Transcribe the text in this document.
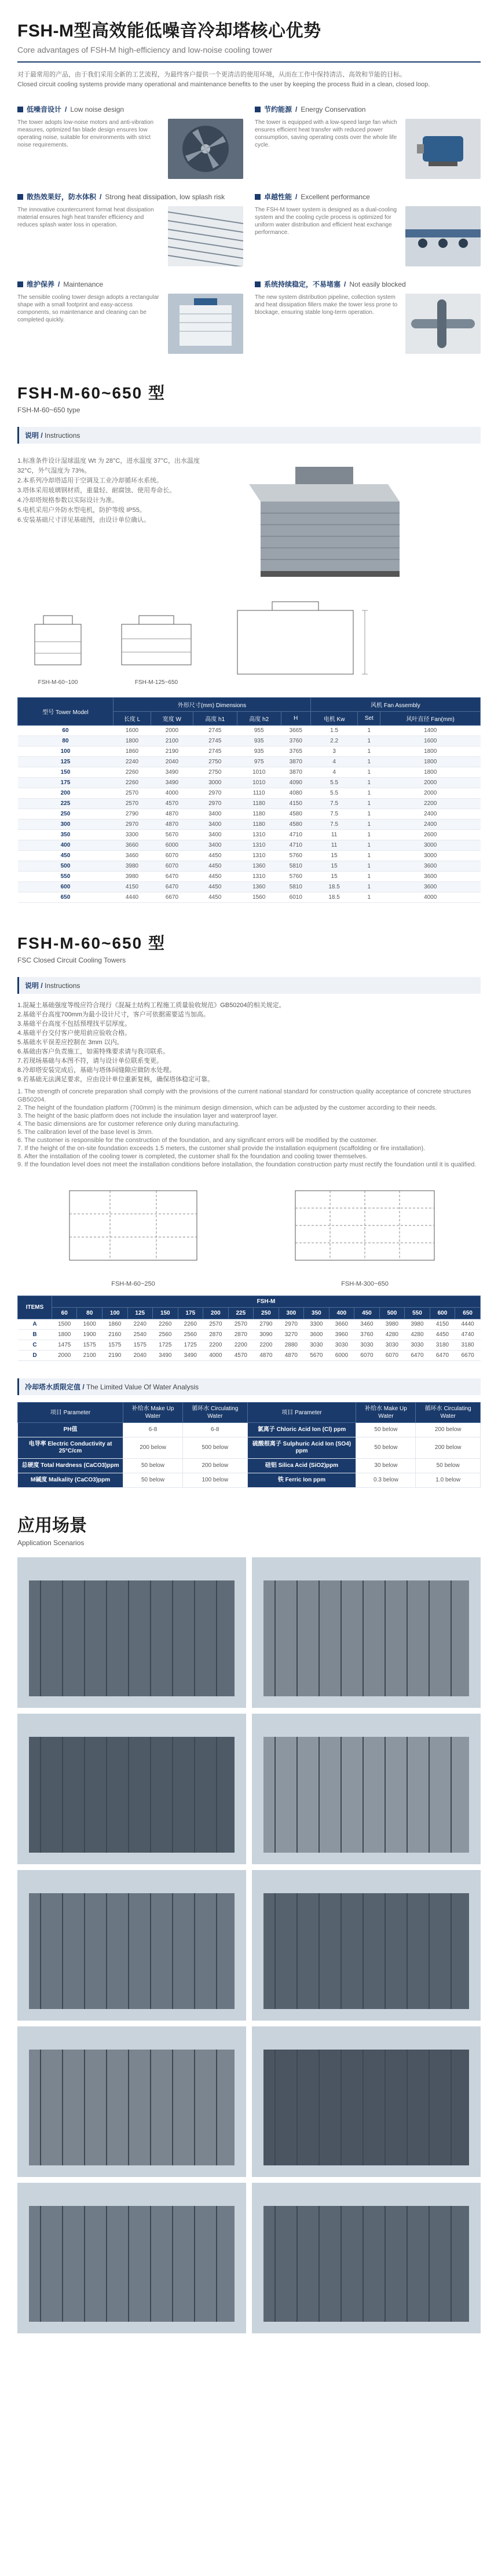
FSH-M型高效能低噪音冷却塔核心优势
Core advantages of FSH-M high-efficiency and low-noise cooling tower
对于最常用的产品，由于我们采用全新的工艺流程，为最终客户提供一个更清洁的使用环境，从而在工作中保持清洁、高效和节能的目标。
Closed circuit cooling systems provide many operational and maintenance benefits to the user by keeping the process fluid in a clean, closed loop.
低噪音设计 / Low noise design
The tower adopts low-noise motors and anti-vibration measures, optimized fan blade design ensures low operating noise, suitable for environments with strict noise requirements.
节约能源 / Energy Conservation
The tower is equipped with a low-speed large fan which ensures efficient heat transfer with reduced power consumption, saving operating costs over the whole life cycle.
散热效果好，防水体积 / Strong heat dissipation, low splash risk
The innovative countercurrent format heat dissipation material ensures high heat transfer efficiency and reduces splash water loss in operation.
卓越性能 / Excellent performance
The FSH-M tower system is designed as a dual-cooling system and the cooling cycle process is optimized for uniform water distribution and efficient heat exchange performance.
维护保养 / Maintenance
The sensible cooling tower design adopts a rectangular shape with a small footprint and easy-access components, so maintenance and cleaning can be completed quickly.
系统持续稳定，不易堵塞 / Not easily blocked
The new system distribution pipeline, collection system and heat dissipation fillers make the tower less prone to blockage, ensuring stable long-term operation.
FSH-M-60~650 型
FSH-M-60~650 type
说明 / Instructions
1.标准条件设计湿球温度 Wt 为 28°C，进水温度 37°C，出水温度 32°C，外气湿度为 73%。
2.本系列冷却塔适用于空调及工业冷却循环水系统。
3.塔体采用玻璃钢材质，重量轻、耐腐蚀、使用寿命长。
4.冷却塔规格参数以实际设计为准。
5.电机采用户外防水型电机，防护等级 IP55。
6.安装基础尺寸详见基础图，由设计单位确认。
FSH-M-60~100	FSH-M-125~650
型号 Tower Model	外形尺寸(mm) Dimensions					风机 Fan Assembly		
	长度 L	宽度 W	高度 h1	高度 h2	H	电机 Kw	Set	风叶直径 Fan(mm)
60	1600	2000	2745	955	3665	1.5	1	1400
80	1800	2100	2745	935	3760	2.2	1	1600
100	1860	2190	2745	935	3765	3	1	1800
125	2240	2040	2750	975	3870	4	1	1800
150	2260	3490	2750	1010	3870	4	1	1800
175	2260	3490	3000	1010	4090	5.5	1	2000
200	2570	4000	2970	1110	4080	5.5	1	2000
225	2570	4570	2970	1180	4150	7.5	1	2200
250	2790	4870	3400	1180	4580	7.5	1	2400
300	2970	4870	3400	1180	4580	7.5	1	2400
350	3300	5670	3400	1310	4710	11	1	2600
400	3660	6000	3400	1310	4710	11	1	3000
450	3460	6070	4450	1310	5760	15	1	3000
500	3980	6070	4450	1360	5810	15	1	3600
550	3980	6470	4450	1310	5760	15	1	3600
600	4150	6470	4450	1360	5810	18.5	1	3600
650	4440	6670	4450	1560	6010	18.5	1	4000
FSH-M-60~650 型
FSC Closed Circuit Cooling Towers
说明 / Instructions
1.混凝土基础强度等级应符合现行《混凝土结构工程施工质量验收规范》GB50204的相关规定。
2.基础平台高度700mm为最小设计尺寸，客户可依据需要适当加高。
3.基础平台高度不包括预埋找平层厚度。
4.基础平台交付客户使用前应验收合格。
5.基础水平误差应控制在 3mm 以内。
6.基础由客户负责施工，如需特殊要求请与我司联系。
7.若现场基础与本图不符，请与设计单位联系变更。
8.冷却塔安装完成后，基础与塔体间缝隙应做防水处理。
9.若基础无法满足要求，应由设计单位重新复核，确保塔体稳定可靠。
1. The strength of concrete preparation shall comply with the provisions of the current national standard for construction quality acceptance of concrete structures GB50204.
2. The height of the foundation platform (700mm) is the minimum design dimension, which can be adjusted by the customer according to their needs.
3. The height of the basic platform does not include the insulation layer and waterproof layer.
4. The basic dimensions are for customer reference only during manufacturing.
5. The calibration level of the base level is 3mm.
6. The customer is responsible for the construction of the foundation, and any significant errors will be modified by the customer.
7. If the height of the on-site foundation exceeds 1.5 meters, the customer shall provide the installation equipment (scaffolding or fire installation).
8. After the installation of the cooling tower is completed, the customer shall fix the foundation and cooling tower themselves.
9. If the foundation level does not meet the installation conditions before installation, the foundation construction party must rectify the foundation until it is qualified.
FSH-M-60~250	FSH-M-300~650
ITEMS	FSH-M																
	60	80	100	125	150	175	200	225	250	300	350	400	450	500	550	600	650
A	1500	1600	1860	2240	2260	2260	2570	2570	2790	2970	3300	3660	3460	3980	3980	4150	4440
B	1800	1900	2160	2540	2560	2560	2870	2870	3090	3270	3600	3960	3760	4280	4280	4450	4740
C	1475	1575	1575	1575	1725	1725	2200	2200	2200	2880	3030	3030	3030	3030	3030	3180	3180
D	2000	2100	2190	2040	3490	3490	4000	4570	4870	4870	5670	6000	6070	6070	6470	6470	6670
冷却塔水质限定值 / The Limited Value Of Water Analysis
项目 Parameter	补给水 Make Up Water	循环水 Circulating Water	项目 Parameter	补给水 Make Up Water	循环水 Circulating Water
PH值	6-8	6-8	氯离子 Chloric Acid Ion (Cl) ppm	50 below	200 below
电导率 Electric Conductivity at 25°C/cm	200 below	500 below	硫酸根离子 Sulphuric Acid Ion (SO4) ppm	50 below	200 below
总硬度 Total Hardness (CaCO3)ppm	50 below	200 below	硅铝 Silica Acid (SiO2)ppm	30 below	50 below
M碱度 Malkality (CaCO3)ppm	50 below	100 below	铁 Ferric Ion ppm	0.3 below	1.0 below
应用场景
Application Scenarios
